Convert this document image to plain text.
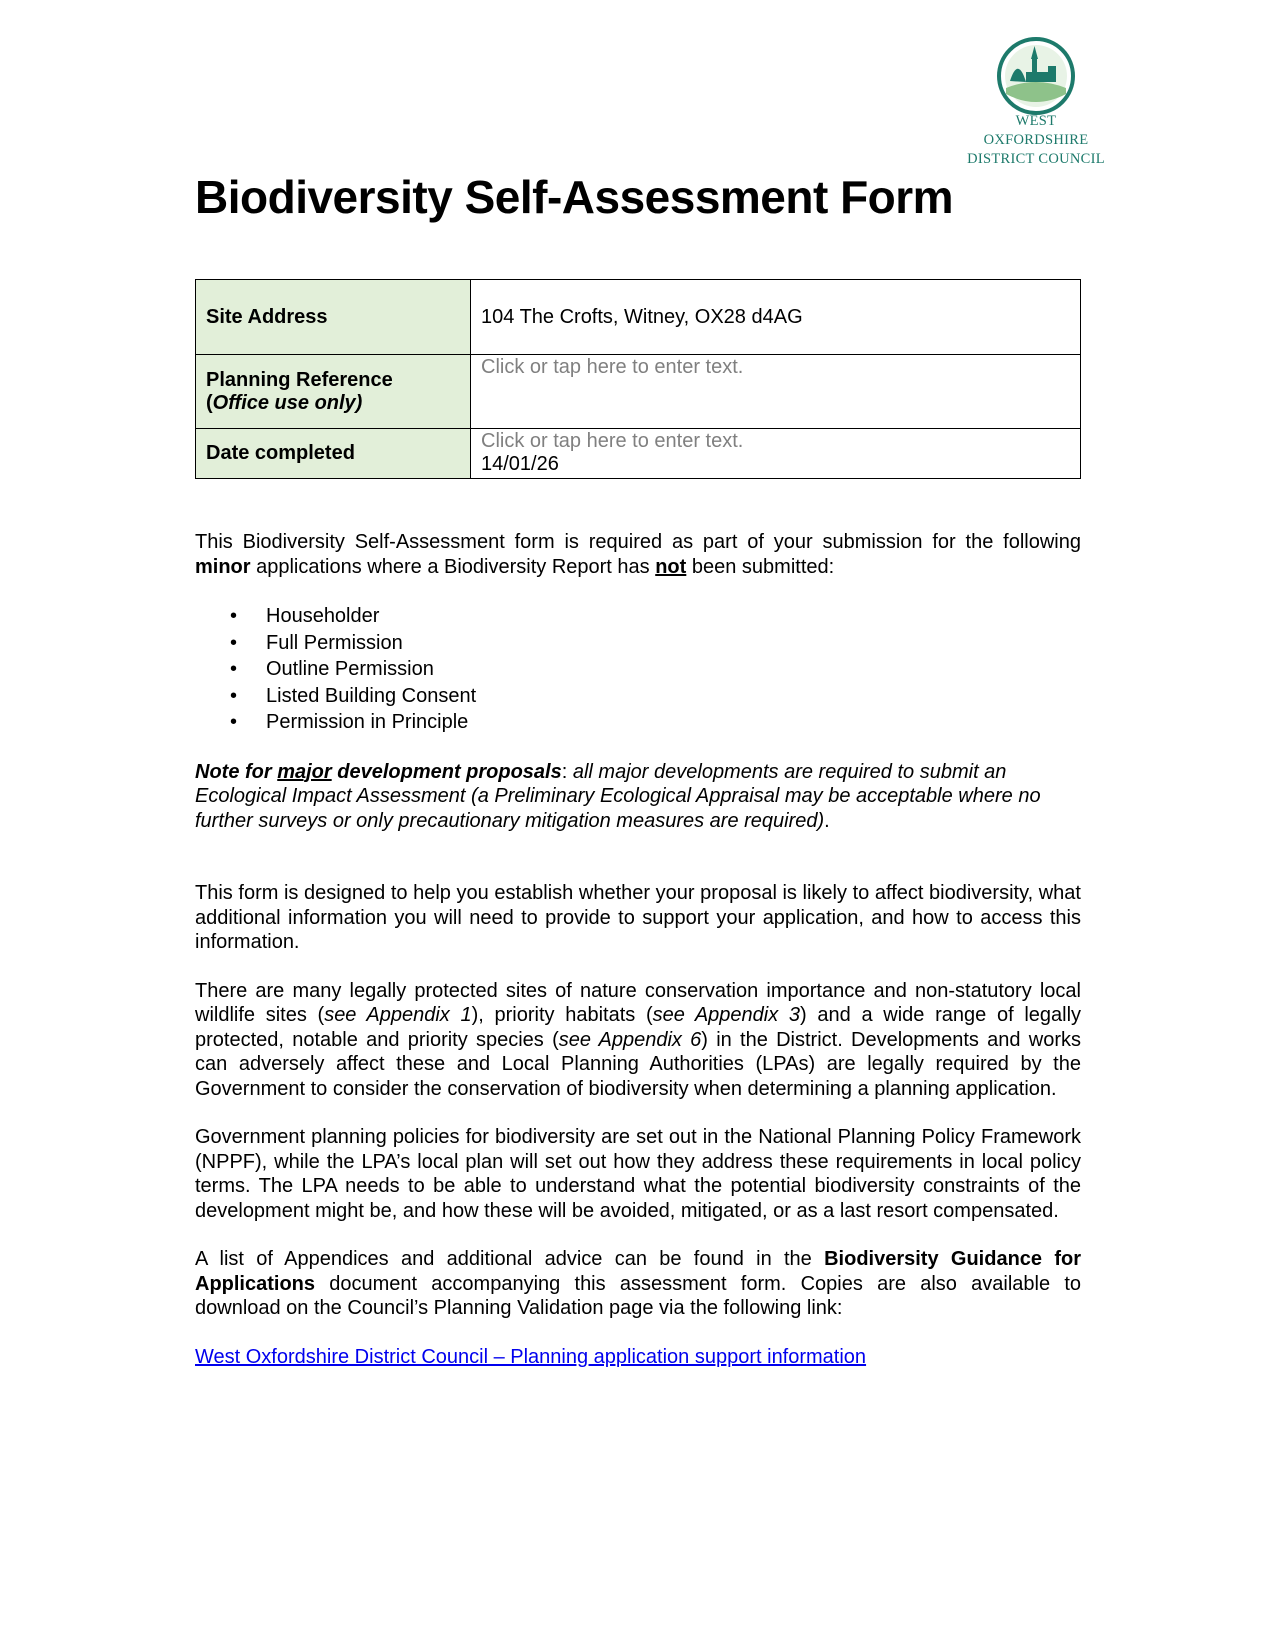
WEST OXFORDSHIRE
DISTRICT COUNCIL
Biodiversity Self-Assessment Form
Site Address	104 The Crofts, Witney, OX28 d4AG
Planning Reference
(Office use only)	Click or tap here to enter text.
Date completed	Click or tap here to enter text.
14/01/26

This Biodiversity Self-Assessment form is required as part of your submission for the following minor applications where a Biodiversity Report has not been submitted:

• Householder
• Full Permission
• Outline Permission
• Listed Building Consent
• Permission in Principle

Note for major development proposals: all major developments are required to submit an Ecological Impact Assessment (a Preliminary Ecological Appraisal may be acceptable where no further surveys or only precautionary mitigation measures are required).

This form is designed to help you establish whether your proposal is likely to affect biodiversity, what additional information you will need to provide to support your application, and how to access this information.

There are many legally protected sites of nature conservation importance and non-statutory local wildlife sites (see Appendix 1), priority habitats (see Appendix 3) and a wide range of legally protected, notable and priority species (see Appendix 6) in the District. Developments and works can adversely affect these and Local Planning Authorities (LPAs) are legally required by the Government to consider the conservation of biodiversity when determining a planning application.

Government planning policies for biodiversity are set out in the National Planning Policy Framework (NPPF), while the LPA’s local plan will set out how they address these requirements in local policy terms. The LPA needs to be able to understand what the potential biodiversity constraints of the development might be, and how these will be avoided, mitigated, or as a last resort compensated.

A list of Appendices and additional advice can be found in the Biodiversity Guidance for Applications document accompanying this assessment form. Copies are also available to download on the Council’s Planning Validation page via the following link:

West Oxfordshire District Council – Planning application support information
